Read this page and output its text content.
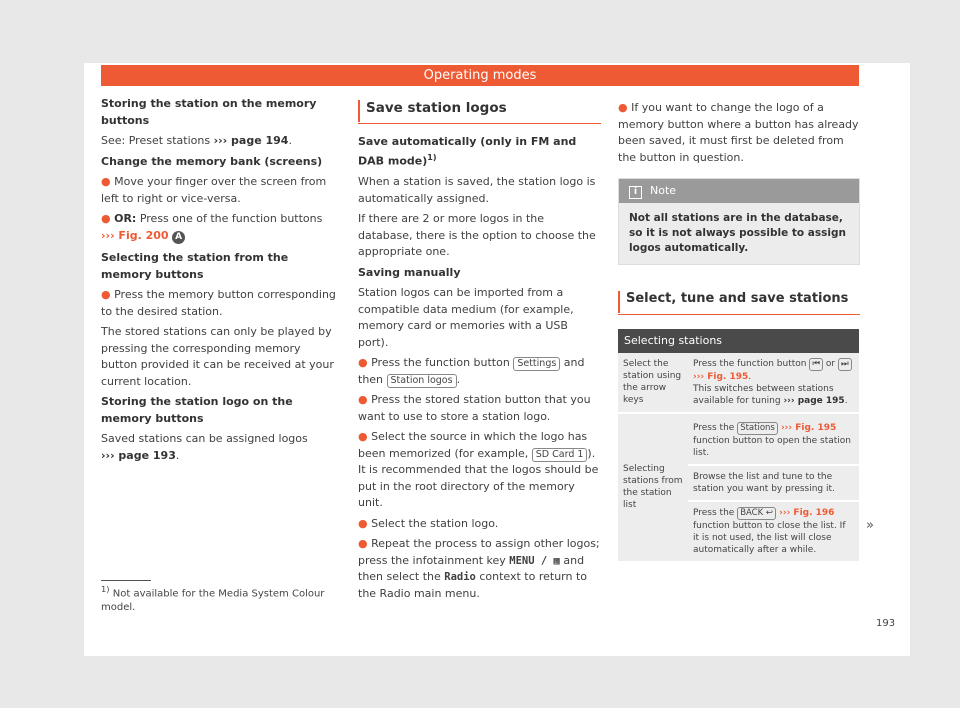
Operating modes

Storing the station on the memory buttons

See: Preset stations ››› page 194.

Change the memory bank (screens)

● Move your finger over the screen from left to right or vice-versa.

● OR: Press one of the function buttons
››› Fig. 200 A

Selecting the station from the memory buttons

● Press the memory button corresponding to the desired station.

The stored stations can only be played by pressing the corresponding memory button provided it can be received at your current location.

Storing the station logo on the memory buttons

Saved stations can be assigned logos
››› page 193.

$^{1)}$ Not available for the Media System Colour model.
Save station logos

Save automatically (only in FM and DAB mode)$^{1)}$

When a station is saved, the station logo is automatically assigned.

If there are 2 or more logos in the database, there is the option to choose the appropriate one.

Saving manually

Station logos can be imported from a compatible data medium (for example, memory card or memories with a USB port).

● Press the function button Settings and then Station logos .

● Press the stored station button that you want to use to store a station logo.

● Select the source in which the logo has been memorized (for example, SD Card 1 ). It is recommended that the logos should be put in the root directory of the memory unit.

● Select the station logo.

● Repeat the process to assign other logos; press the infotainment key MENU / ▦ and then select the Radio context to return to the Radio main menu.

● If you want to change the logo of a memory button where a button has already been saved, it must first be deleted from the button in question.

i Note
Not all stations are in the database, so it is not always possible to assign logos automatically.
Select, tune and save stations
Selecting stations	
Select the station using the arrow keys	Press the function button ⏮ or ⏭
››› Fig. 195.
This switches between stations available for tuning ››› page 195.
Selecting stations from the station list	Press the Stations ››› Fig. 195
function button to open the station list.
	Browse the list and tune to the station you want by pressing it.
	Press the BACK ↩ ››› Fig. 196
function button to close the list. If it is not used, the list will close automatically after a while.
»
193
